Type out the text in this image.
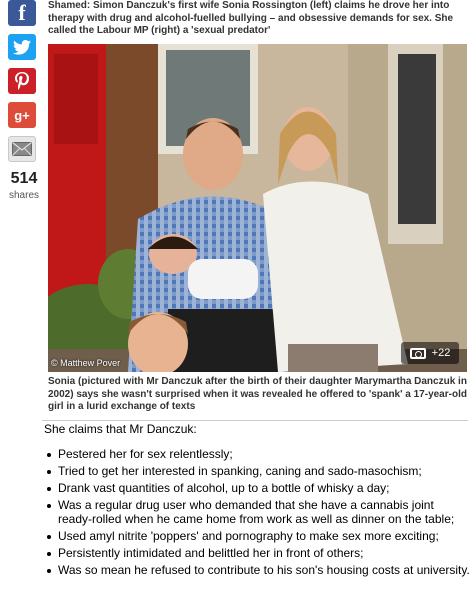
f
g+
514
shares
Shamed: Simon Danczuk's first wife Sonia Rossington (left) claims he drove her into therapy with drug and alcohol-fuelled bullying – and obsessive demands for sex. She called the Labour MP (right) a 'sexual predator'
© Matthew Pover
+22
Sonia (pictured with Mr Danczuk after the birth of their daughter Marymartha Danczuk in 2002) says she wasn't surprised when it was revealed he offered to 'spank' a 17-year-old girl in a lurid exchange of texts

She claims that Mr Danczuk:

Pestered her for sex relentlessly;
Tried to get her interested in spanking, caning and sado-masochism;
Drank vast quantities of alcohol, up to a bottle of whisky a day;
Was a regular drug user who demanded that she have a cannabis joint ready-rolled when he came home from work as well as dinner on the table;
Used amyl nitrite 'poppers' and pornography to make sex more exciting;
Persistently intimidated and belittled her in front of others;
Was so mean he refused to contribute to his son's housing costs at university.
